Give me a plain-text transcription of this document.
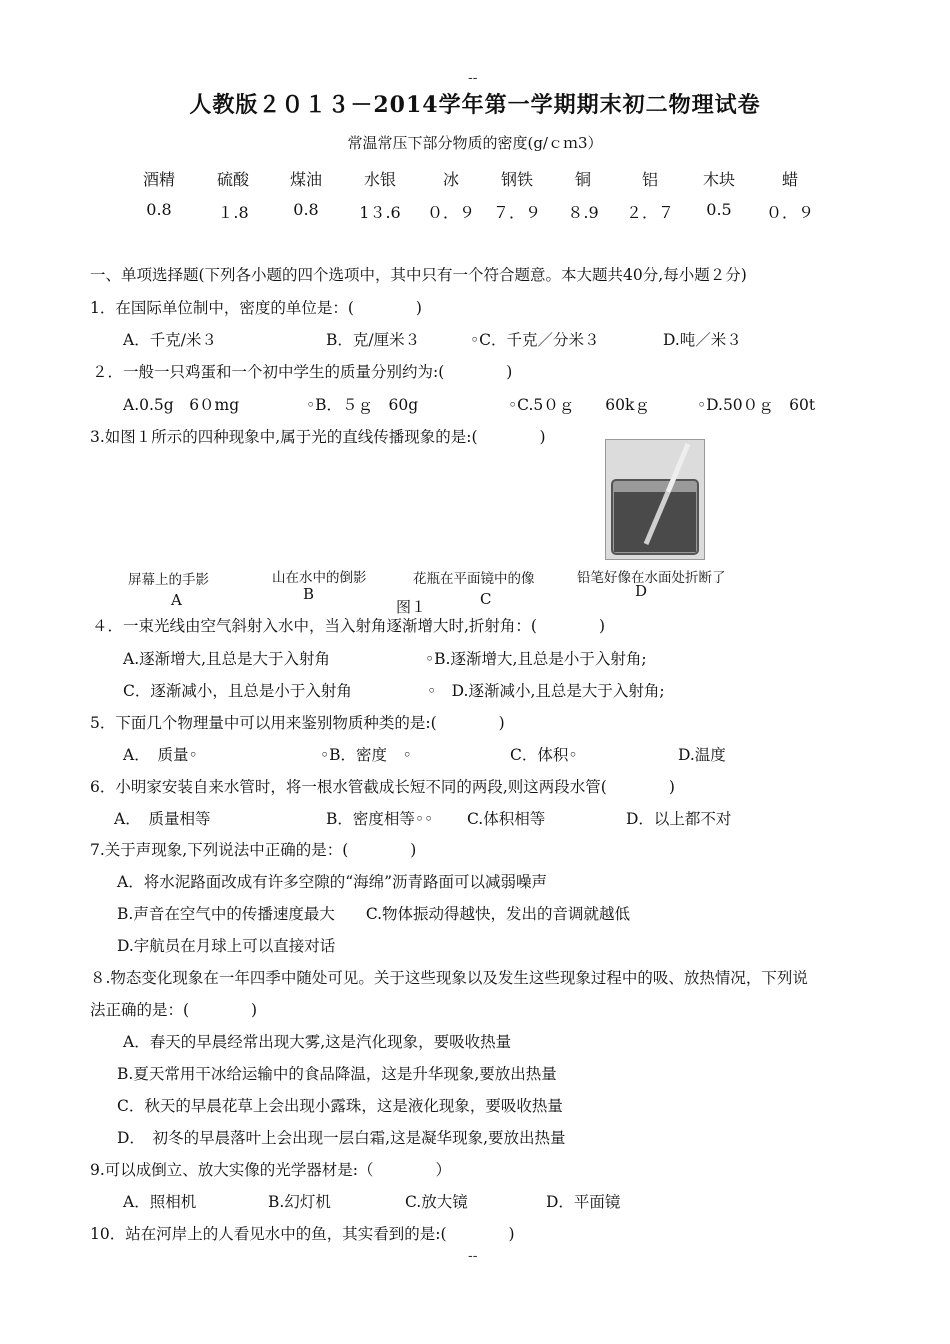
--
人教版２０１３－2014学年第一学期期末初二物理试卷
常温常压下部分物质的密度(g/ｃｍ3）
酒精	硫酸	煤油	水银	冰	钢铁	铜	铝	木块	蜡
0.8	１.8	0.8	1３.6	０．９	７．９	８.9	２．７	0.5	０．９
一、单项选择题(下列各小题的四个选项中，其中只有一个符合题意。本大题共40分,每小题２分)
1．在国际单位制中，密度的单位是：(　　　　)
A．千克/米３	B．克/厘米３	◦C．千克／分米３	D.吨／米３
２．一般一只鸡蛋和一个初中学生的质量分别约为:(　　　　)
A.0.5g　6０mg	◦B．５ｇ　60g	◦C.5０ｇ　　60kｇ	◦D.50０ｇ　60t
3.如图１所示的四种现象中,属于光的直线传播现象的是:(　　　　)
屏幕上的手影	山在水中的倒影	花瓶在平面镜中的像	铅笔好像在水面处折断了
A	B	C	D
图１
４．一束光线由空气斜射入水中，当入射角逐渐增大时,折射角：(　　　　)
A.逐渐增大,且总是大于入射角	◦B.逐渐增大,且总是小于入射角;
C．逐渐减小，且总是小于入射角	◦　D.逐渐减小,且总是大于入射角;
5．下面几个物理量中可以用来鉴别物质种类的是:(　　　　)
A．　质量◦	◦B．密度　◦	C．体积◦	D.温度
6．小明家安装自来水管时，将一根水管截成长短不同的两段,则这两段水管(　　　　)
A．　质量相等	B．密度相等◦◦ C.体积相等	D．以上都不对
7.关于声现象,下列说法中正确的是：(　　　　)
A．将水泥路面改成有许多空隙的“海绵”沥青路面可以减弱噪声
B.声音在空气中的传播速度最大　　C.物体振动得越快，发出的音调就越低
D.宇航员在月球上可以直接对话
８.物态变化现象在一年四季中随处可见。关于这些现象以及发生这些现象过程中的吸、放热情况，下列说
法正确的是：(　　　　)
A．春天的早晨经常出现大雾,这是汽化现象，要吸收热量
B.夏天常用干冰给运输中的食品降温，这是升华现象,要放出热量
C．秋天的早晨花草上会出现小露珠，这是液化现象，要吸收热量
D．　初冬的早晨落叶上会出现一层白霜,这是凝华现象,要放出热量
9.可以成倒立、放大实像的光学器材是:（　　　　）
A．照相机	B.幻灯机	C.放大镜	D．平面镜
10．站在河岸上的人看见水中的鱼，其实看到的是:(　　　　)
--
